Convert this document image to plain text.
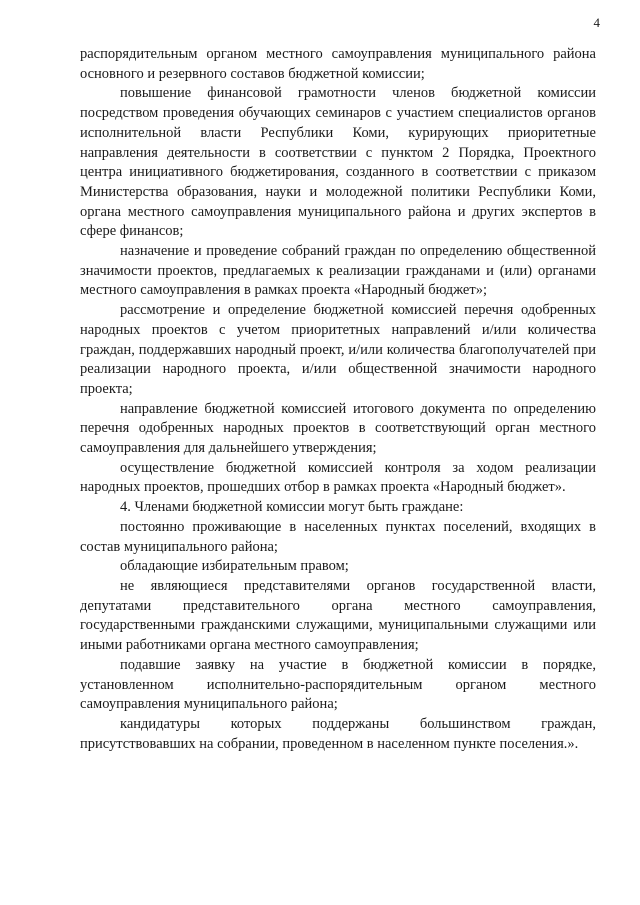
4

распорядительным органом местного самоуправления муниципального района основного и резервного составов бюджетной комиссии;

повышение финансовой грамотности членов бюджетной комиссии посредством проведения обучающих семинаров с участием специалистов органов исполнительной власти Республики Коми, курирующих приоритетные направления деятельности в соответствии с пунктом 2 Порядка, Проектного центра инициативного бюджетирования, созданного в соответствии с приказом Министерства образования, науки и молодежной политики Республики Коми, органа местного самоуправления муниципального района и других экспертов в сфере финансов;

назначение и проведение собраний граждан по определению общественной значимости проектов, предлагаемых к реализации гражданами и (или) органами местного самоуправления в рамках проекта «Народный бюджет»;

рассмотрение и определение бюджетной комиссией перечня одобренных народных проектов с учетом приоритетных направлений и/или количества граждан, поддержавших народный проект, и/или количества благополучателей при реализации народного проекта, и/или общественной значимости народного проекта;

направление бюджетной комиссией итогового документа по определению перечня одобренных народных проектов в соответствующий орган местного самоуправления для дальнейшего утверждения;

осуществление бюджетной комиссией контроля за ходом реализации народных проектов, прошедших отбор в рамках проекта «Народный бюджет».

4. Членами бюджетной комиссии могут быть граждане:

постоянно проживающие в населенных пунктах поселений, входящих в состав муниципального района;

обладающие избирательным правом;

не являющиеся представителями органов государственной власти, депутатами представительного органа местного самоуправления, государственными гражданскими служащими, муниципальными служащими или иными работниками органа местного самоуправления;

подавшие заявку на участие в бюджетной комиссии в порядке, установленном исполнительно-распорядительным органом местного самоуправления муниципального района;

кандидатуры которых поддержаны большинством граждан, присутствовавших на собрании, проведенном в населенном пункте поселения.».
